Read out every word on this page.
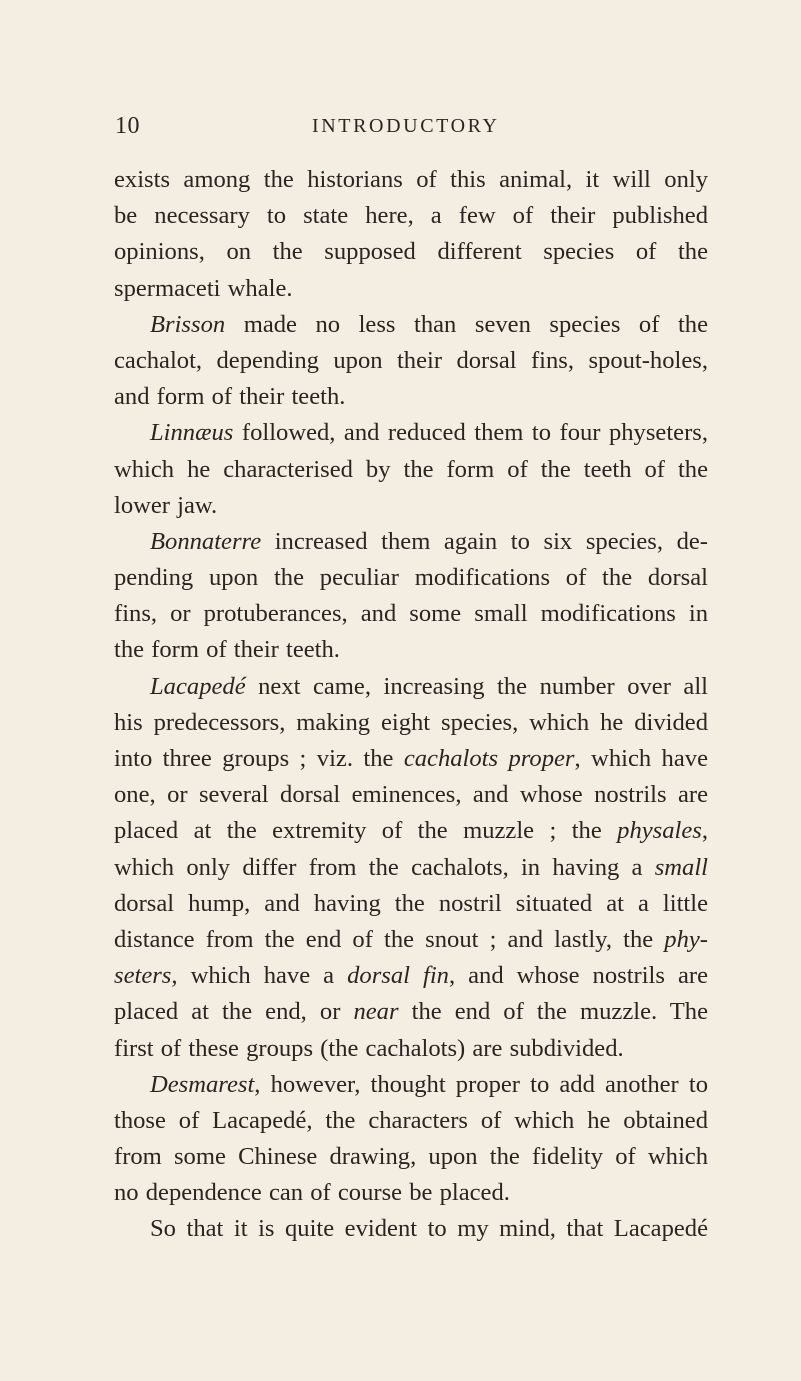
10	INTRODUCTORY
exists among the historians of this animal, it will only
be necessary to state here, a few of their published
opinions, on the supposed different species of the
spermaceti whale.
Brisson made no less than seven species of the
cachalot, depending upon their dorsal fins, spout-holes,
and form of their teeth.
Linnæus followed, and reduced them to four physeters,
which he characterised by the form of the teeth of the
lower jaw.
Bonnaterre increased them again to six species, de-
pending upon the peculiar modifications of the dorsal
fins, or protuberances, and some small modifications in
the form of their teeth.
Lacapedé next came, increasing the number over all
his predecessors, making eight species, which he divided
into three groups ; viz. the cachalots proper, which have
one, or several dorsal eminences, and whose nostrils are
placed at the extremity of the muzzle ; the physales,
which only differ from the cachalots, in having a small
dorsal hump, and having the nostril situated at a little
distance from the end of the snout ; and lastly, the phy-
seters, which have a dorsal fin, and whose nostrils are
placed at the end, or near the end of the muzzle. The
first of these groups (the cachalots) are subdivided.
Desmarest, however, thought proper to add another to
those of Lacapedé, the characters of which he obtained
from some Chinese drawing, upon the fidelity of which
no dependence can of course be placed.
So that it is quite evident to my mind, that Lacapedé
